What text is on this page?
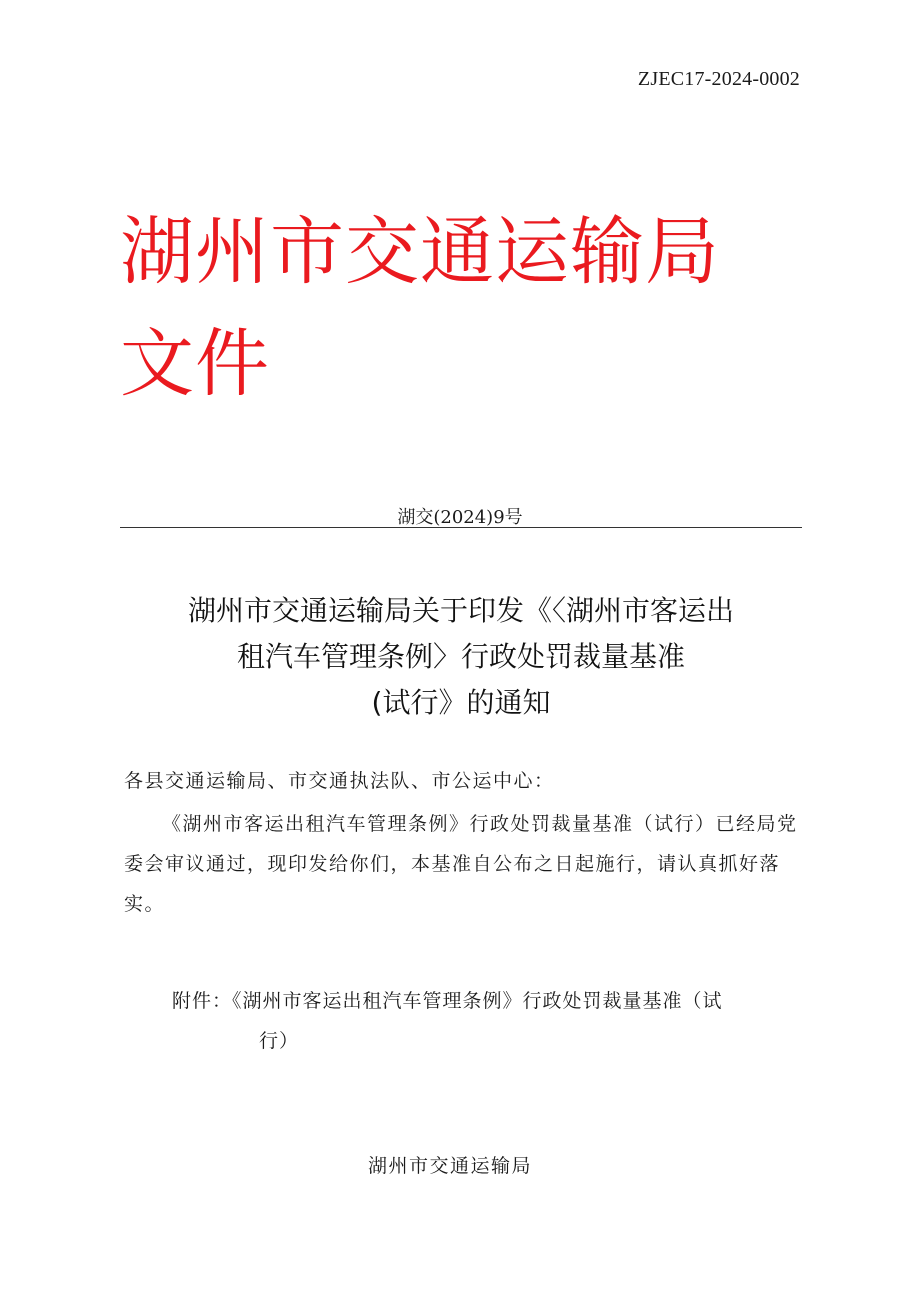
ZJEC17-2024-0002
湖州市交通运输局文件
湖交(2024)9号
湖州市交通运输局关于印发《〈湖州市客运出
租汽车管理条例〉行政处罚裁量基准
(试行》的通知
各县交通运输局、市交通执法队、市公运中心：
《湖州市客运出租汽车管理条例》行政处罚裁量基准（试行）已经局党委会审议通过，现印发给你们，本基准自公布之日起施行，请认真抓好落实。
附件：《湖州市客运出租汽车管理条例》行政处罚裁量基准（试
行）
湖州市交通运输局
